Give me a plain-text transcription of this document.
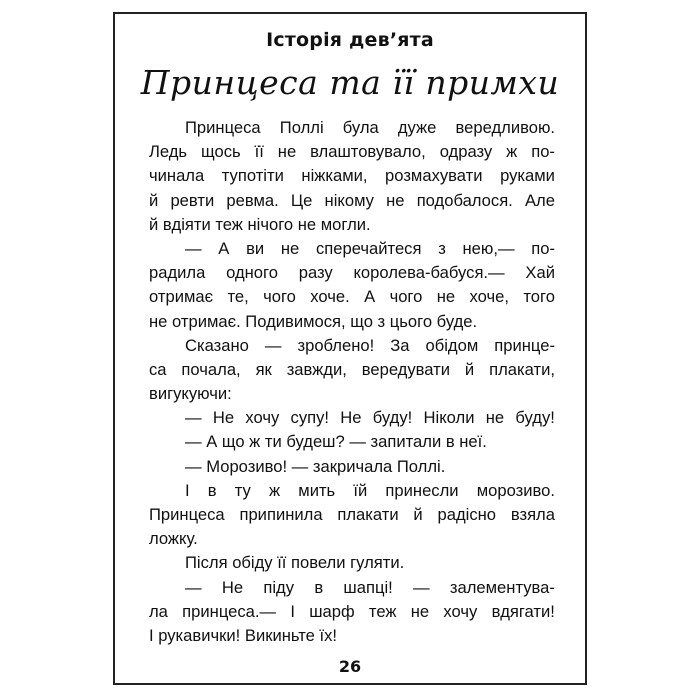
Історія дев’ята
Принцеса та її примхи
Принцеса Поллі була дуже вередливою.
Ледь щось її не влаштовувало, одразу ж по-
чинала тупотіти ніжками, розмахувати руками
й ревти ревма. Це нікому не подобалося. Але
й вдіяти теж нічого не могли.
— А ви не сперечайтеся з нею,— по-
радила одного разу королева-бабуся.— Хай
отримає те, чого хоче. А чого не хоче, того
не отримає. Подивимося, що з цього буде.
Сказано — зроблено! За обідом принце-
са почала, як завжди, вередувати й плакати,
вигукуючи:
— Не хочу супу! Не буду! Ніколи не буду!
— А що ж ти будеш? — запитали в неї.
— Морозиво! — закричала Поллі.
І в ту ж мить їй принесли морозиво.
Принцеса припинила плакати й радісно взяла
ложку.
Після обіду її повели гуляти.
— Не піду в шапці! — залементува-
ла принцеса.— І шарф теж не хочу вдягати!
І рукавички! Викиньте їх!
26
